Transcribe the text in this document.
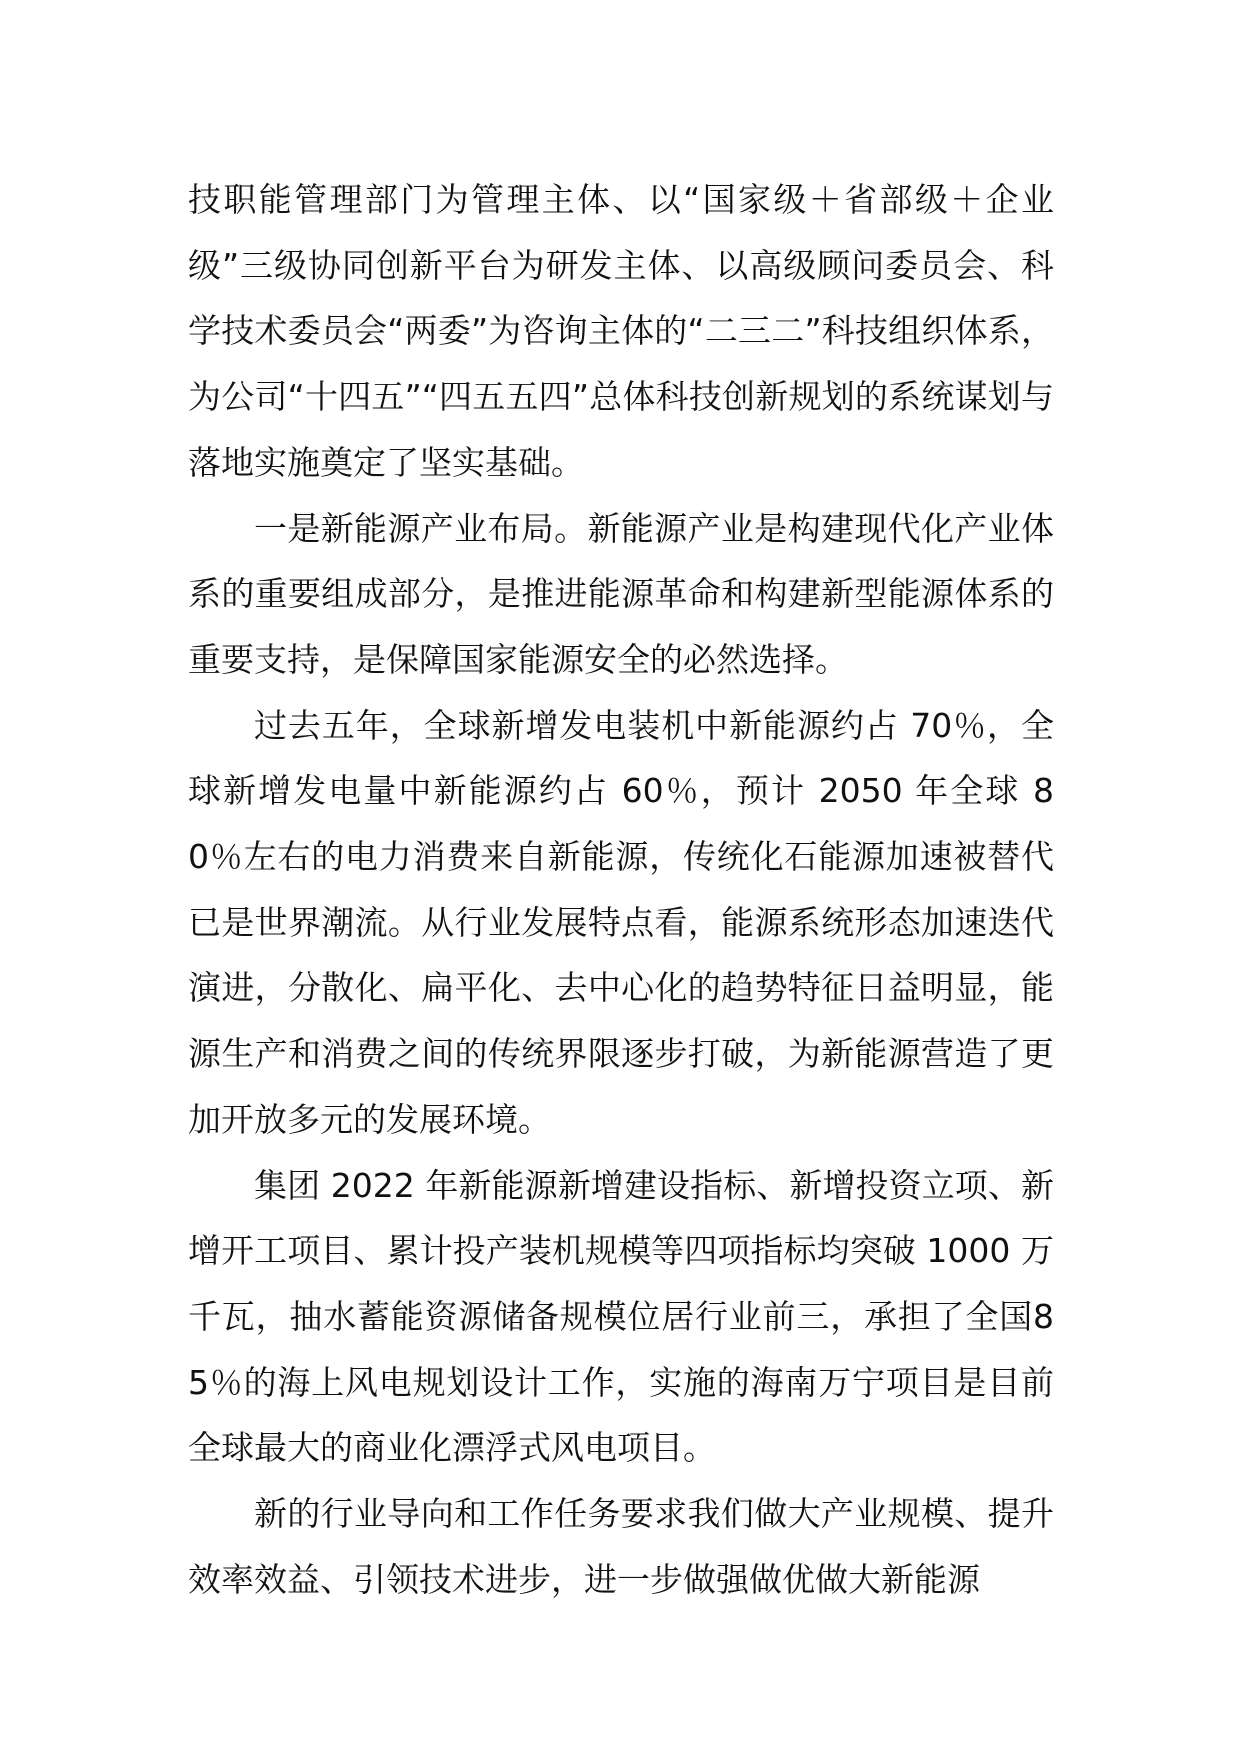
技职能管理部门为管理主体、以“国家级＋省部级＋企业级”三级协同创新平台为研发主体、以高级顾问委员会、科学技术委员会“两委”为咨询主体的“二三二”科技组织体系，为公司“十四五”“四五五四”总体科技创新规划的系统谋划与落地实施奠定了坚实基础。

一是新能源产业布局。新能源产业是构建现代化产业体系的重要组成部分，是推进能源革命和构建新型能源体系的重要支持，是保障国家能源安全的必然选择。

过去五年，全球新增发电装机中新能源约占 70％，全球新增发电量中新能源约占 60％，预计 2050 年全球 80％左右的电力消费来自新能源，传统化石能源加速被替代已是世界潮流。从行业发展特点看，能源系统形态加速迭代演进，分散化、扁平化、去中心化的趋势特征日益明显，能源生产和消费之间的传统界限逐步打破，为新能源营造了更加开放多元的发展环境。

集团 2022 年新能源新增建设指标、新增投资立项、新增开工项目、累计投产装机规模等四项指标均突破 1000 万千瓦，抽水蓄能资源储备规模位居行业前三，承担了全国85％的海上风电规划设计工作，实施的海南万宁项目是目前全球最大的商业化漂浮式风电项目。

新的行业导向和工作任务要求我们做大产业规模、提升效率效益、引领技术进步，进一步做强做优做大新能源
